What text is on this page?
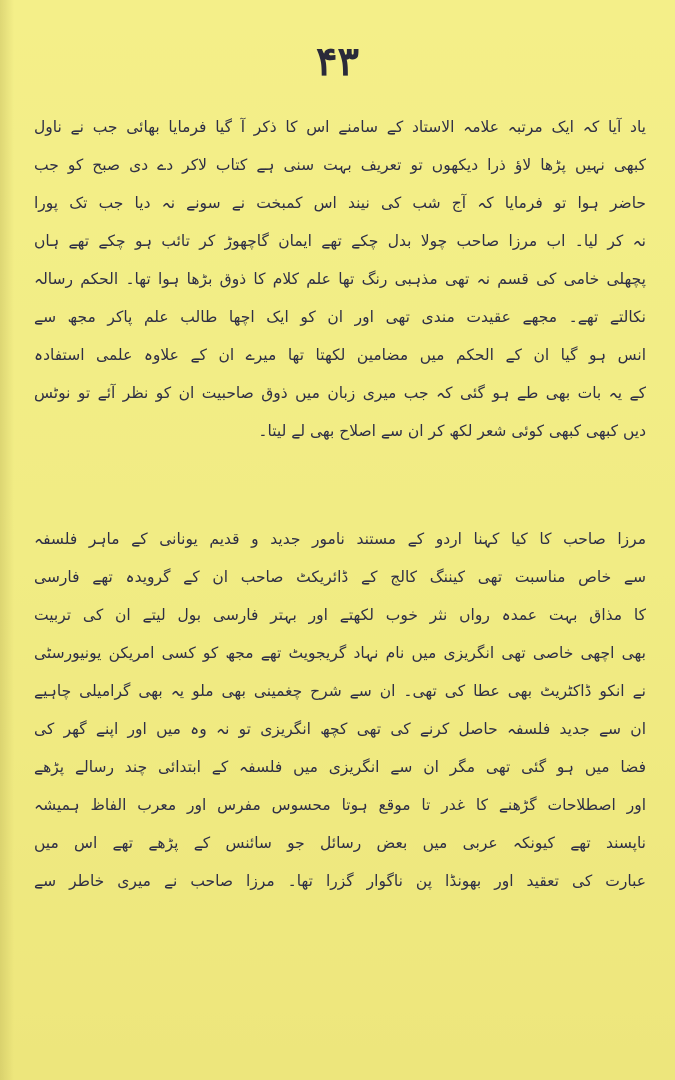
۴۳
یاد آیا کہ ایک مرتبہ علامہ الاستاد کے سامنے اس کا ذکر آ گیا فرمایا بھائی جب نے ناول
کبھی نہیں پڑھا لاؤ ذرا دیکھوں تو تعریف بہت سنی ہے کتاب لاکر دے دی صبح کو جب
حاضر ہوا تو فرمایا کہ آج شب کی نیند اس کمبخت نے سونے نہ دیا جب تک پورا
نہ کر لیا۔ اب مرزا صاحب چولا بدل چکے تھے ایمان گاچھوڑ کر تائب ہو چکے تھے ہاں
پچھلی خامی کی قسم نہ تھی مذہبی رنگ تھا علم کلام کا ذوق بڑھا ہوا تھا۔ الحکم رسالہ
نکالتے تھے۔ مجھے عقیدت مندی تھی اور ان کو ایک اچھا طالب علم پاکر مجھ سے
انس ہو گیا ان کے الحکم میں مضامین لکھتا تھا میرے ان کے علاوہ علمی استفادہ
کے یہ بات بھی طے ہو گئی کہ جب میری زبان میں ذوق صاحبیت ان کو نظر آئے تو نوٹس
دیں کبھی کبھی کوئی شعر لکھ کر ان سے اصلاح بھی لے لیتا۔
مرزا صاحب کا کیا کہنا اردو کے مستند نامور جدید و قدیم یونانی کے ماہر فلسفہ
سے خاص مناسبت تھی کیننگ کالج کے ڈائریکٹ صاحب ان کے گرویدہ تھے فارسی
کا مذاق بہت عمدہ رواں نثر خوب لکھتے اور بہتر فارسی بول لیتے ان کی تربیت
بھی اچھی خاصی تھی انگریزی میں نام نہاد گریجویٹ تھے مجھ کو کسی امریکن یونیورسٹی
نے انکو ڈاکٹریٹ بھی عطا کی تھی۔ ان سے شرح چغمینی بھی ملو یہ بھی گرامیلی چاہیے
ان سے جدید فلسفہ حاصل کرنے کی تھی کچھ انگریزی تو نہ وہ میں اور اپنے گھر کی
فضا میں ہو گئی تھی مگر ان سے انگریزی میں فلسفہ کے ابتدائی چند رسالے پڑھے
اور اصطلاحات گڑھنے کا غدر تا موقع ہوتا محسوس مفرس اور معرب الفاظ ہمیشہ
ناپسند تھے کیونکہ عربی میں بعض رسائل جو سائنس کے پڑھے تھے اس میں
عبارت کی تعقید اور بھونڈا پن ناگوار گزرا تھا۔ مرزا صاحب نے میری خاطر سے
